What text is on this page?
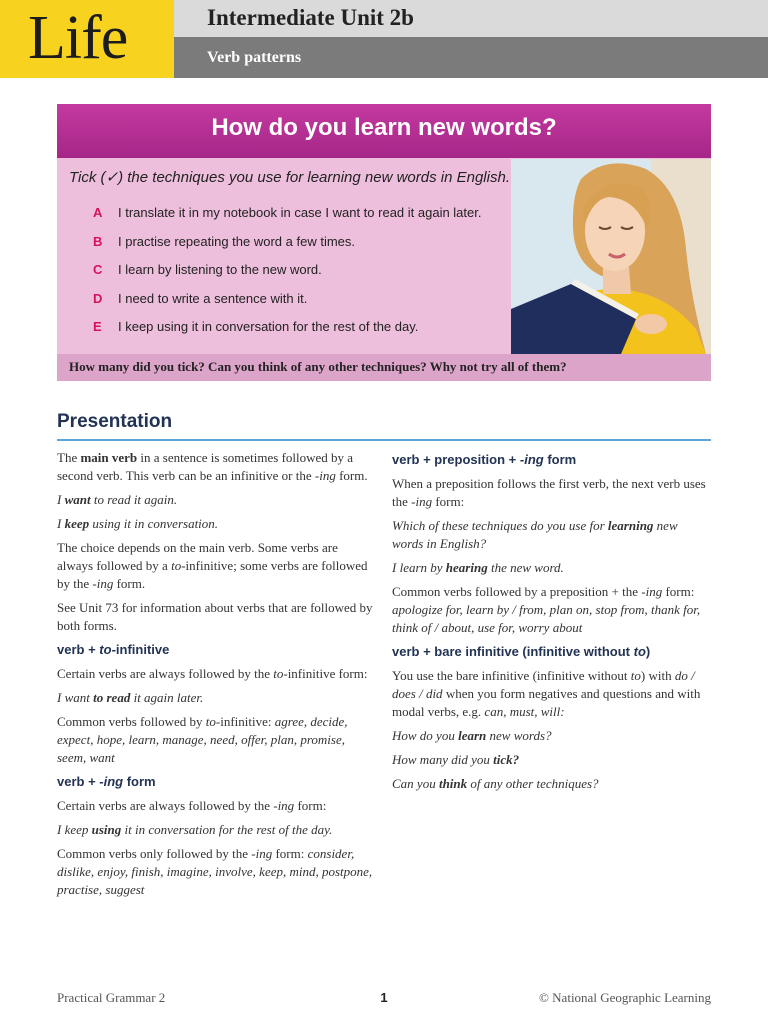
Life	Intermediate Unit 2b
Verb patterns
How do you learn new words?
Tick (✓) the techniques you use for learning new words in English.
A I translate it in my notebook in case I want to read it again later.
B I practise repeating the word a few times.
C I learn by listening to the new word.
D I need to write a sentence with it.
E I keep using it in conversation for the rest of the day.
How many did you tick? Can you think of any other techniques? Why not try all of them?
Presentation

The main verb in a sentence is sometimes followed by a second verb. This verb can be an infinitive or the -ing form.

I want to read it again.

I keep using it in conversation.

The choice depends on the main verb. Some verbs are always followed by a to-infinitive; some verbs are followed by the -ing form.

See Unit 73 for information about verbs that are followed by both forms.

verb + to-infinitive

Certain verbs are always followed by the to-infinitive form:

I want to read it again later.

Common verbs followed by to-infinitive: agree, decide, expect, hope, learn, manage, need, offer, plan, promise, seem, want

verb + -ing form

Certain verbs are always followed by the -ing form:

I keep using it in conversation for the rest of the day.

Common verbs only followed by the -ing form: consider, dislike, enjoy, finish, imagine, involve, keep, mind, postpone, practise, suggest

verb + preposition + -ing form

When a preposition follows the first verb, the next verb uses the -ing form:

Which of these techniques do you use for learning new words in English?

I learn by hearing the new word.

Common verbs followed by a preposition + the -ing form: apologize for, learn by / from, plan on, stop from, thank for, think of / about, use for, worry about

verb + bare infinitive (infinitive without to)

You use the bare infinitive (infinitive without to) with do / does / did when you form negatives and questions and with modal verbs, e.g. can, must, will:

How do you learn new words?

How many did you tick?

Can you think of any other techniques?

Practical Grammar 2	1	© National Geographic Learning
